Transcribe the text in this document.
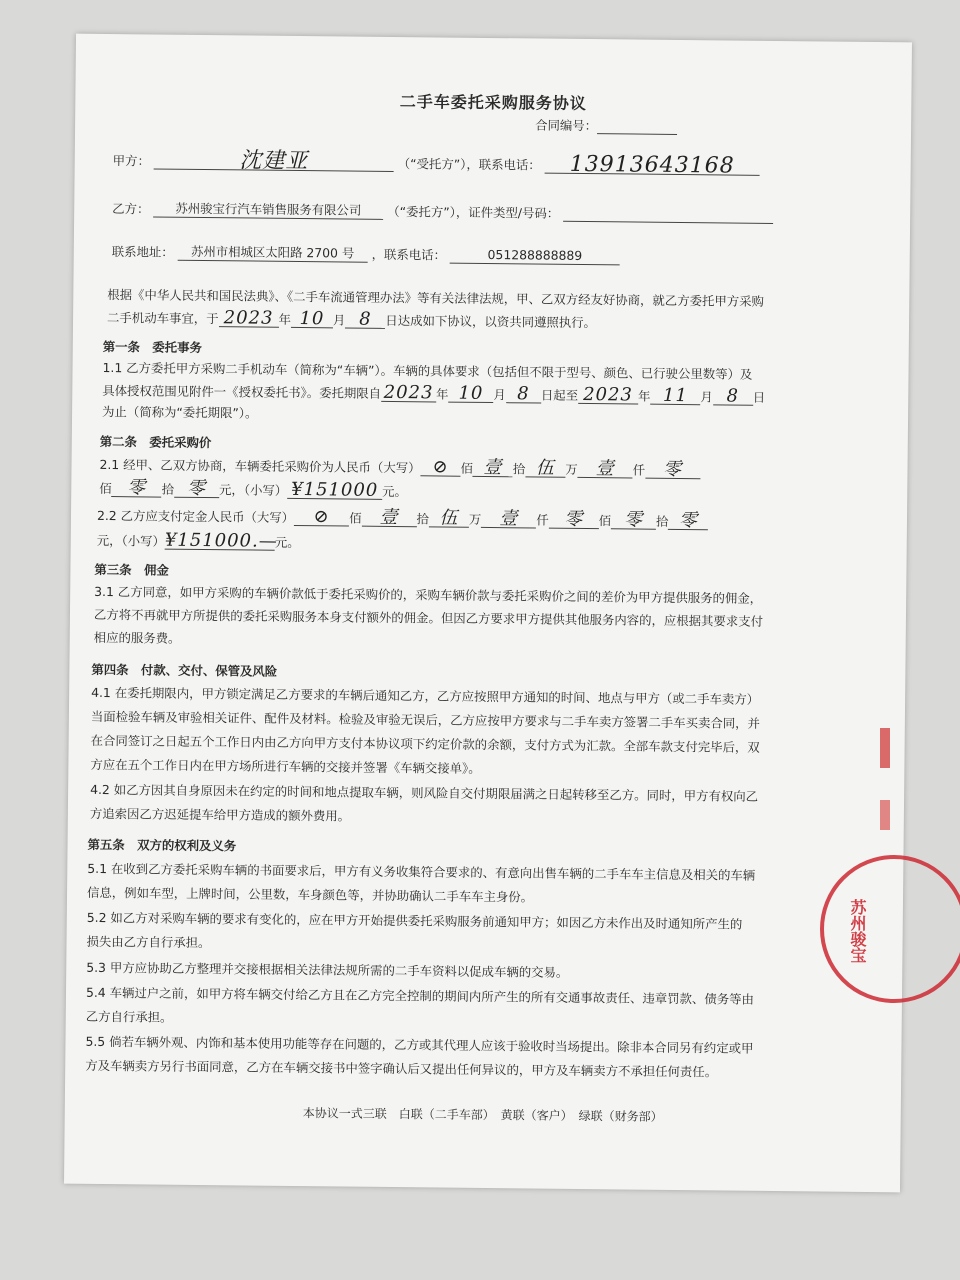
二手车委托采购服务协议
合同编号：
甲方：	沈建亚	（“受托方”），联系电话： 13913643168
乙方： 苏州骏宝行汽车销售服务有限公司 （“委托方”），证件类型/号码：
联系地址： 苏州市相城区太阳路 2700 号 ，联系电话：	051288888889
根据《中华人民共和国民法典》、《二手车流通管理办法》等有关法律法规，甲、乙双方经友好协商，就乙方委托甲方采购
二手机动车事宜，于 2023 年 10 月 8 日达成如下协议，以资共同遵照执行。
第一条　委托事务
1.1 乙方委托甲方采购二手机动车（简称为“车辆”）。车辆的具体要求（包括但不限于型号、颜色、已行驶公里数等）及
具体授权范围见附件一《授权委托书》。委托期限自 2023 年 10 月 8 日起至 2023 年 11 月 8 日
为止（简称为“委托期限”）。
第二条　委托采购价
2.1 经甲、乙双方协商，车辆委托采购价为人民币（大写） ⊘ 佰 壹 拾 伍 万 壹 仟 零
佰 零 拾 零 元，（小写） ¥151000 元。
2.2 乙方应支付定金人民币（大写） ⊘ 佰 壹 拾 伍 万 壹 仟 零 佰 零 拾 零
元，（小写）¥151000.—元。
第三条　佣金
3.1 乙方同意，如甲方采购的车辆价款低于委托采购价的，采购车辆价款与委托采购价之间的差价为甲方提供服务的佣金，
乙方将不再就甲方所提供的委托采购服务本身支付额外的佣金。但因乙方要求甲方提供其他服务内容的，应根据其要求支付
相应的服务费。
第四条　付款、交付、保管及风险
4.1 在委托期限内，甲方锁定满足乙方要求的车辆后通知乙方，乙方应按照甲方通知的时间、地点与甲方（或二手车卖方）
当面检验车辆及审验相关证件、配件及材料。检验及审验无误后，乙方应按甲方要求与二手车卖方签署二手车买卖合同，并
在合同签订之日起五个工作日内由乙方向甲方支付本协议项下约定价款的余额，支付方式为汇款。全部车款支付完毕后，双
方应在五个工作日内在甲方场所进行车辆的交接并签署《车辆交接单》。
4.2 如乙方因其自身原因未在约定的时间和地点提取车辆，则风险自交付期限届满之日起转移至乙方。同时，甲方有权向乙
方追索因乙方迟延提车给甲方造成的额外费用。
第五条　双方的权利及义务
5.1 在收到乙方委托采购车辆的书面要求后，甲方有义务收集符合要求的、有意向出售车辆的二手车车主信息及相关的车辆
信息，例如车型，上牌时间，公里数，车身颜色等，并协助确认二手车车主身份。
5.2 如乙方对采购车辆的要求有变化的，应在甲方开始提供委托采购服务前通知甲方；如因乙方未作出及时通知所产生的
损失由乙方自行承担。
5.3 甲方应协助乙方整理并交接根据相关法律法规所需的二手车资料以促成车辆的交易。
5.4 车辆过户之前，如甲方将车辆交付给乙方且在乙方完全控制的期间内所产生的所有交通事故责任、违章罚款、债务等由
乙方自行承担。
5.5 倘若车辆外观、内饰和基本使用功能等存在问题的，乙方或其代理人应该于验收时当场提出。除非本合同另有约定或甲
方及车辆卖方另行书面同意，乙方在车辆交接书中签字确认后又提出任何异议的，甲方及车辆卖方不承担任何责任。
本协议一式三联　白联（二手车部）　黄联（客户）　绿联（财务部）
苏州骏宝
